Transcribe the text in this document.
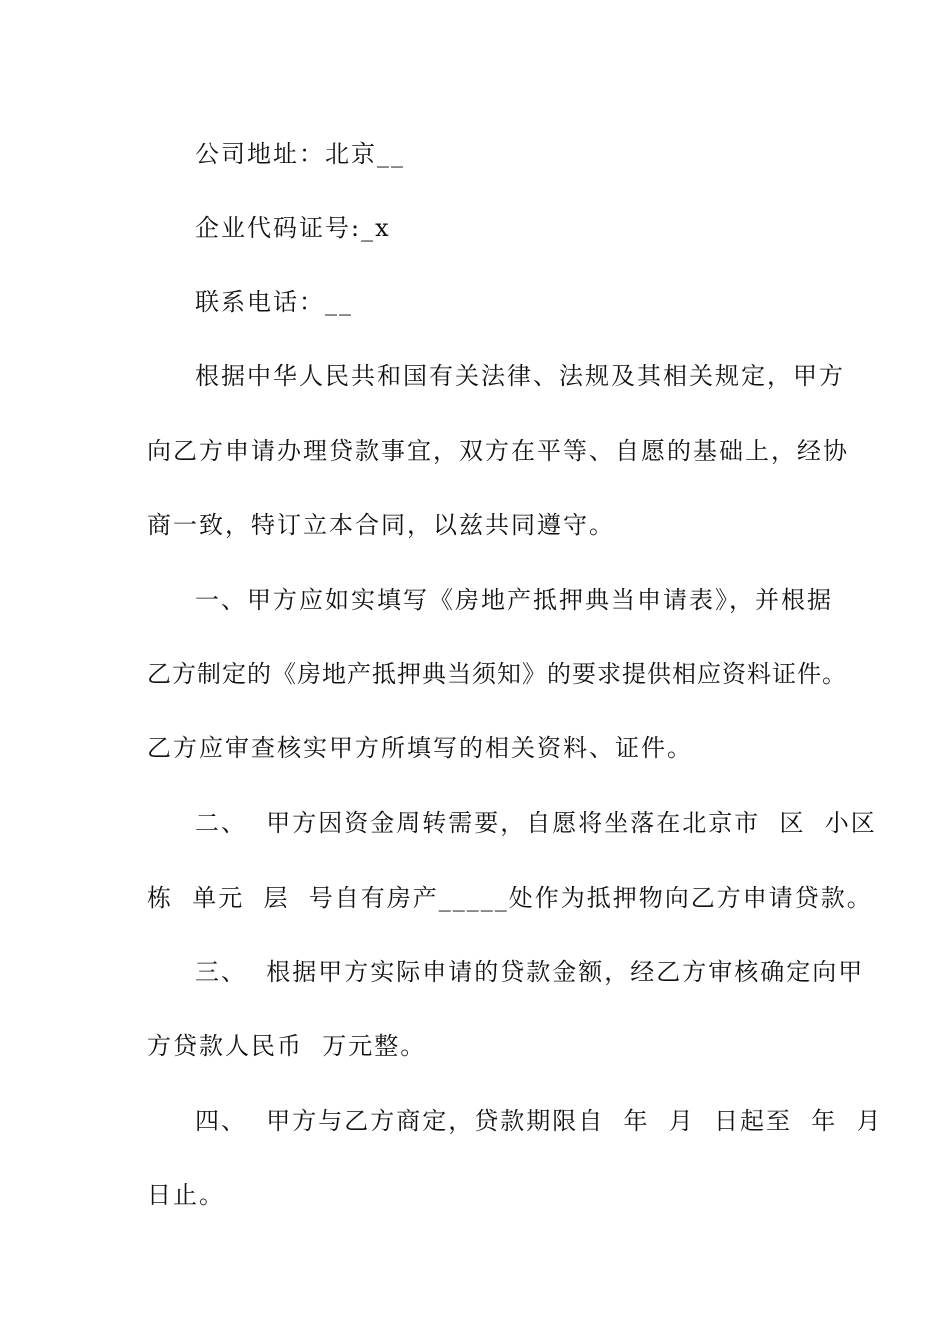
公司地址：北京__
企业代码证号:_x
联系电话：__
根据中华人民共和国有关法律、法规及其相关规定，甲方
向乙方申请办理贷款事宜，双方在平等、自愿的基础上，经协
商一致，特订立本合同，以兹共同遵守。
一、甲方应如实填写《房地产抵押典当申请表》，并根据
乙方制定的《房地产抵押典当须知》的要求提供相应资料证件。
乙方应审查核实甲方所填写的相关资料、证件。
二、  甲方因资金周转需要，自愿将坐落在北京市  区  小区
栋  单元  层  号自有房产_____处作为抵押物向乙方申请贷款。
三、  根据甲方实际申请的贷款金额，经乙方审核确定向甲
方贷款人民币  万元整。
四、  甲方与乙方商定，贷款期限自  年  月  日起至  年  月
日止。
